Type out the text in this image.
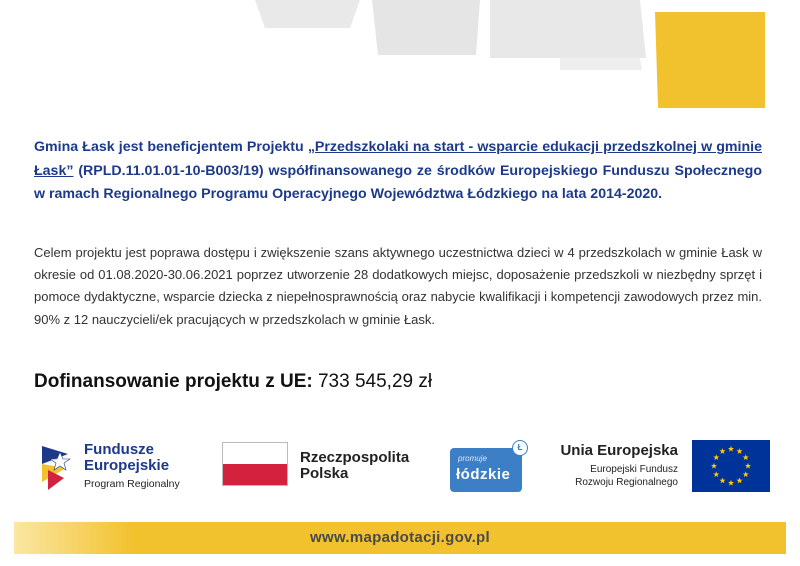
Gmina Łask jest beneficjentem Projektu „Przedszkolaki na start - wsparcie edukacji przedszkolnej w gminie Łask” (RPLD.11.01.01-10-B003/19) współfinansowanego ze środków Europejskiego Funduszu Społecznego w ramach Regionalnego Programu Operacyjnego Województwa Łódzkiego na lata 2014-2020.

Celem projektu jest poprawa dostępu i zwiększenie szans aktywnego uczestnictwa dzieci w 4 przedszkolach w gminie Łask w okresie od 01.08.2020-30.06.2021 poprzez utworzenie 28 dodatkowych miejsc, doposażenie przedszkoli w niezbędny sprzęt i pomoce dydaktyczne, wsparcie dziecka z niepełnosprawnością oraz nabycie kwalifikacji i kompetencji zawodowych przez min. 90% z 12 nauczycieli/ek pracujących w przedszkolach w gminie Łask.

Dofinansowanie projektu z UE: 733 545,29 zł
Fundusze
Europejskie
Program Regionalny
Rzeczpospolita
Polska
promuje
łódzkie
Ł	Unia Europejska
Europejski Fundusz
Rozwoju Regionalnego
www.mapadotacji.gov.pl
